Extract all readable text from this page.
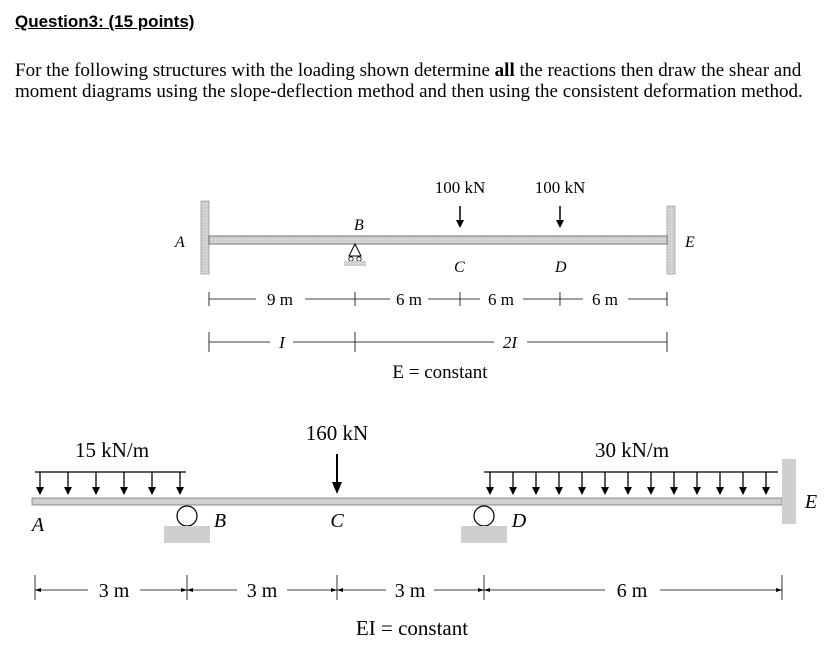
Question3: (15 points)
For the following structures with the loading shown determine all the reactions then draw the shear and moment diagrams using the slope-deflection method and then using the consistent deformation method.
A
B
C	D
E
100 kN	100 kN
9 m	6 m	6 m	6 m
I	2I
E = constant
15 kN/m
160 kN
30 kN/m
A	B	C	D
E
3 m	3 m	3 m	6 m
EI = constant
